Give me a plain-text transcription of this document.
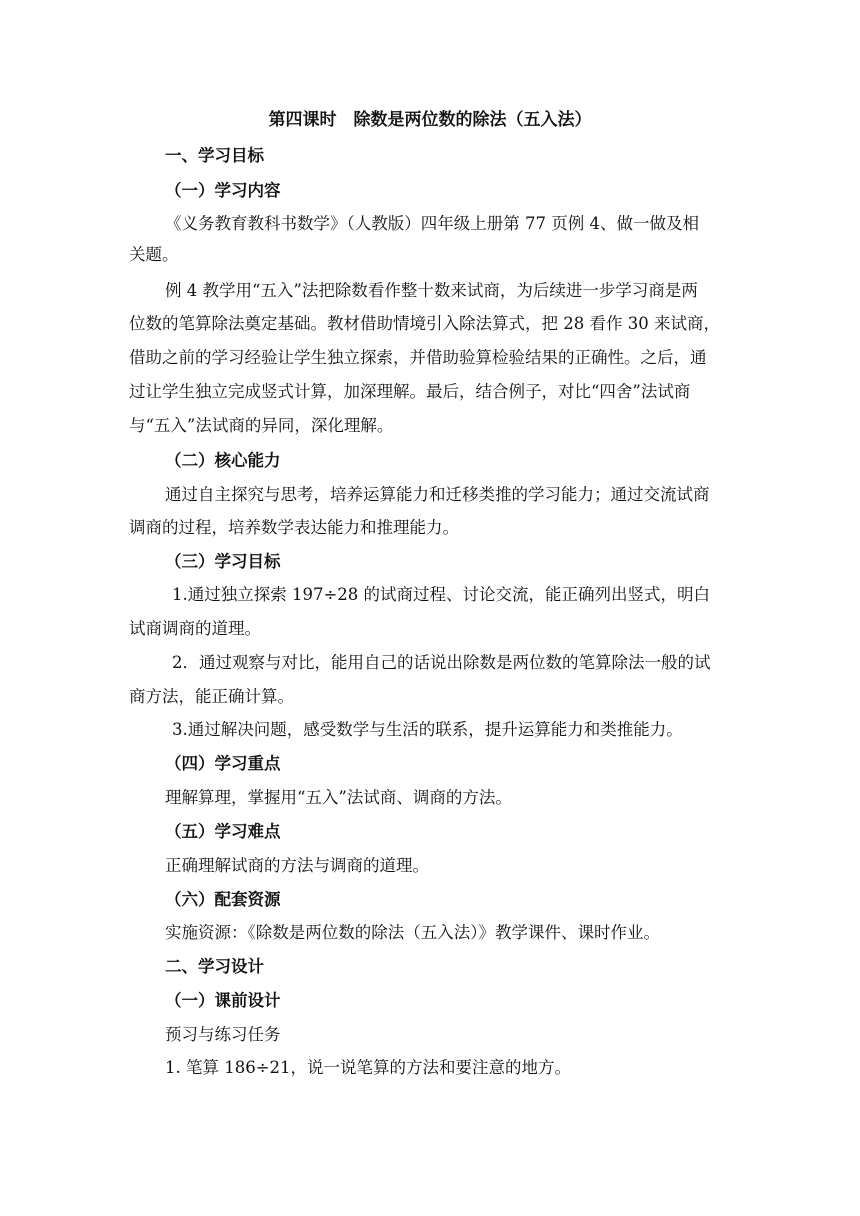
第四课时　除数是两位数的除法（五入法）
一、学习目标
（一）学习内容
《义务教育教科书数学》（人教版）四年级上册第 77 页例 4、做一做及相
关题。
例 4 教学用“五入”法把除数看作整十数来试商，为后续进一步学习商是两
位数的笔算除法奠定基础。教材借助情境引入除法算式，把 28 看作 30 来试商，
借助之前的学习经验让学生独立探索，并借助验算检验结果的正确性。之后，通
过让学生独立完成竖式计算，加深理解。最后，结合例子，对比“四舍”法试商
与“五入”法试商的异同，深化理解。
（二）核心能力
通过自主探究与思考，培养运算能力和迁移类推的学习能力；通过交流试商
调商的过程，培养数学表达能力和推理能力。
（三）学习目标
1.通过独立探索 197÷28 的试商过程、讨论交流，能正确列出竖式，明白
试商调商的道理。
2．通过观察与对比，能用自己的话说出除数是两位数的笔算除法一般的试
商方法，能正确计算。
3.通过解决问题，感受数学与生活的联系，提升运算能力和类推能力。
（四）学习重点
理解算理，掌握用“五入”法试商、调商的方法。
（五）学习难点
正确理解试商的方法与调商的道理。
（六）配套资源
实施资源：《除数是两位数的除法（五入法）》教学课件、课时作业。
二、学习设计
（一）课前设计
预习与练习任务
1. 笔算 186÷21，说一说笔算的方法和要注意的地方。
